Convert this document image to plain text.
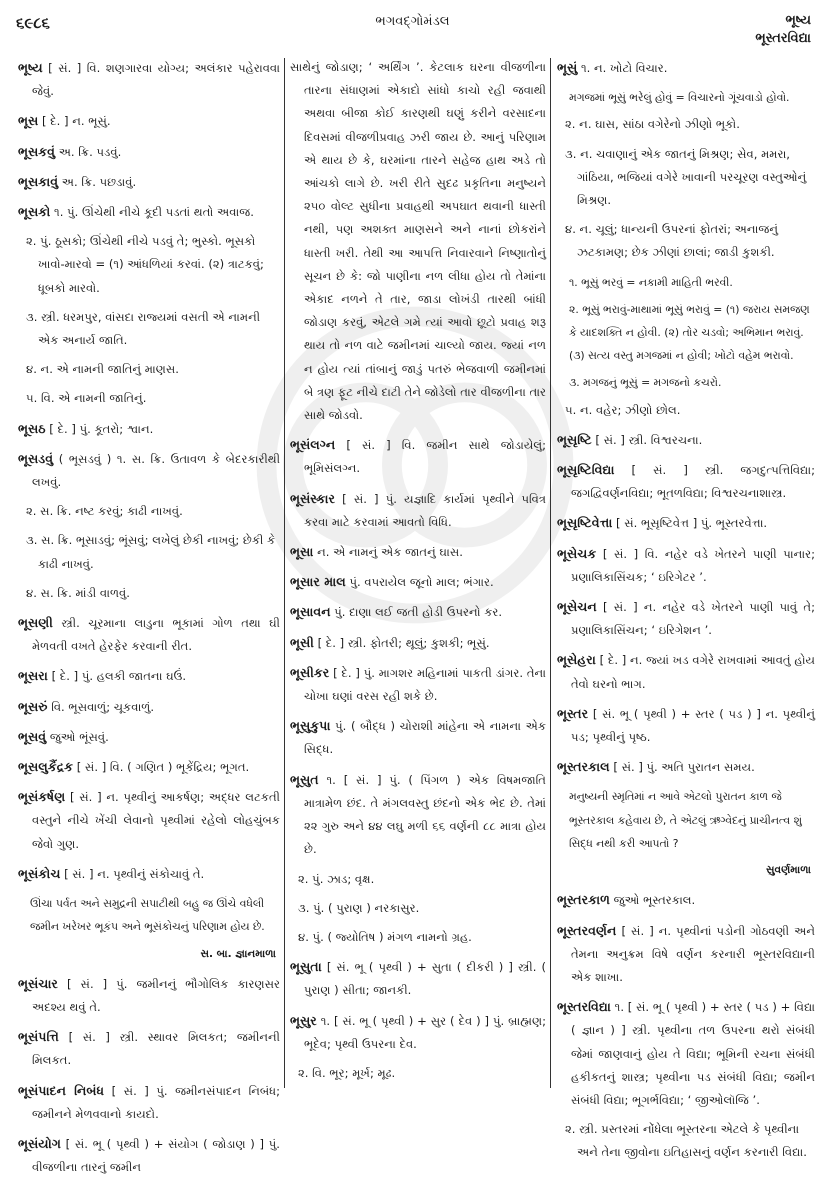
૬૯૮૬	ભગવદ્ગોમંડલ	ભૂષ્ય
ભૂસ્તરવિદ્યા
ભૂષ્ય [ સં. ] વિ. શણગારવા યોગ્ય; અલંકાર પહેરાવવા જેવું.
ભૂસ [ દે. ] ન. ભૂસું.
ભૂસકવું અ. ક્રિ. પડવું.
ભૂસકાવું અ. ક્રિ. પછડાવું.
ભૂસકો ૧. પું. ઊંચેથી નીચે કૂદી પડતાં થતો અવાજ.
૨. પું. ઠૂસકો; ઊંચેથી નીચે પડવું તે; ભુસ્કો. ભૂસકો ખાવો-મારવો = (૧) આંધળિયાં કરવાં. (૨) ત્રાટકવું; ધૂબકો મારવો.
૩. સ્ત્રી. ધરમપુર, વાંસદા રાજ્યમાં વસતી એ નામની એક અનાર્ય જાતિ.
૪. ન. એ નામની જાતિનું માણસ.
૫. વિ. એ નામની જાતિનું.
ભૂસઠ [ દે. ] પું. કૂતરો; શ્વાન.
ભૂસડવું ( ભૂસડવું ) ૧. સ. ક્રિ. ઉતાવળ કે બેદરકારીથી લખવું.
૨. સ. ક્રિ. નષ્ટ કરવું; કાઢી નાખવું.
૩. સ. ક્રિ. ભૂસાડવું; ભૂંસવું; લખેલું છેકી નાખવું; છેકી કે કાઢી નાખવું.
૪. સ. ક્રિ. માંડી વાળવું.
ભૂસણી સ્ત્રી. ચૂરમાના લાડુના ભૂકામાં ગોળ તથા ઘી મેળવતી વખતે હેરફેર કરવાની રીત.
ભૂસરા [ દે. ] પું. હલકી જાતના ઘઉં.
ભૂસરું વિ. ભૂસવાળું; ચૂકવાળું.
ભૂસવું જુઓ ભૂંસવું.
ભૂસલુકૈંદ્રક [ સં. ] વિ. ( ગણિત ) ભૂકેંદ્રિય; ભૂગત.
ભૂસંકર્ષણ [ સં. ] ન. પૃથ્વીનું આકર્ષણ; અદ્ધર લટકતી વસ્તુને નીચે ખેંચી લેવાનો પૃથ્વીમાં રહેલો લોહચુંબક જેવો ગુણ.
ભૂસંકોચ [ સં. ] ન. પૃથ્વીનું સંકોચાવું તે.
ઊંચા પર્વત અને સમુદ્રની સપાટીથી બહુ જ ઊંચે વધેલી જમીન ખરેખર ભૂકંપ અને ભૂસંકોચનું પરિણામ હોય છે.
સ. બા. જ્ઞાનમાળા
ભૂસંચાર [ સં. ] પું. જમીનનું ભૌગોલિક કારણસર અદશ્ય થવું તે.
ભૂસંપત્તિ [ સં. ] સ્ત્રી. સ્થાવર મિલકત; જમીનની મિલકત.
ભૂસંપાદન નિબંધ [ સં. ] પું. જમીનસંપાદન નિબંધ; જમીનને મેળવવાનો કાયદો.
ભૂસંયોગ [ સં. ભૂ ( પૃથ્વી ) + સંયોગ ( જોડાણ ) ] પું. વીજળીના તારનું જમીન
સાથેનું જોડાણ; ‘ અર્થિંગ ’. કેટલાક ઘરના વીજળીના તારના સંધાણમાં એકાદો સાંધો કાચો રહી જવાથી અથવા બીજા કોઈ કારણથી ઘણું કરીને વરસાદના દિવસમાં વીજળીપ્રવાહ ઝરી જાય છે. આનું પરિણામ એ થાય છે કે, ઘરમાંના તારને સહેજ હાથ અડે તો આંચકો લાગે છે. ખરી રીતે સુદઢ પ્રકૃતિના મનુષ્યને ૨૫૦ વોલ્ટ સુધીના પ્રવાહથી અપઘાત થવાની ધાસ્તી નથી, પણ અશક્ત માણસને અને નાનાં છોકરાંને ધાસ્તી ખરી. તેથી આ આપત્તિ નિવારવાને નિષ્ણાતોનું સૂચન છે કે: જો પાણીના નળ લીધા હોય તો તેમાંના એકાદ નળને તે તાર, જાડા લોખંડી તારથી બાંધી જોડાણ કરવું, એટલે ગમે ત્યાં આવો છૂટો પ્રવાહ શરૂ થાય તો નળ વાટે જમીનમાં ચાલ્યો જાય. જ્યાં નળ ન હોય ત્યાં તાંબાનું જાડું પતરું ભેજવાળી જમીનમાં બે ત્રણ ફૂટ નીચે દાટી તેને જોડેલો તાર વીજળીના તાર સાથે જોડવો.
ભૂસંલગ્ન [ સં. ] વિ. જમીન સાથે જોડાયેલું; ભૂમિસંલગ્ન.
ભૂસંસ્કાર [ સં. ] પું. યજ્ઞાદિ કાર્યમાં પૃથ્વીને પવિત્ર કરવા માટે કરવામાં આવતો વિધિ.
ભૂસા ન. એ નામનું એક જાતનું ઘાસ.
ભૂસાર માલ પું. વપરાયેલ જૂનો માલ; ભંગાર.
ભૂસાવન પું. દાણા લઈ જતી હોડી ઉપરનો કર.
ભૂસી [ દે. ] સ્ત્રી. ફોતરી; થૂલું; કુશકી; ભૂસું.
ભૂસીકર [ દે. ] પું. માગશર મહિનામાં પાકતી ડાંગર. તેના ચોખા ઘણાં વરસ રહી શકે છે.
ભૂસુકુપા પું. ( બૌદ્ધ ) ચોરાશી માંહેના એ નામના એક સિદ્ધ.
ભૂસુત ૧. [ સં. ] પું. ( પિંગળ ) એક વિષમજાતિ માત્રામેળ છંદ. તે મંગલવસ્તુ છંદનો એક ભેદ છે. તેમાં ૨૨ ગુરુ અને ૪૪ લઘુ મળી ૬૬ વર્ણની ૮૮ માત્રા હોય છે.
૨. પું. ઝાડ; વૃક્ષ.
૩. પું. ( પુરાણ ) નરકાસુર.
૪. પું. ( જ્યોતિષ ) મંગળ નામનો ગ્રહ.
ભૂસુતા [ સં. ભૂ ( પૃથ્વી ) + સુતા ( દીકરી ) ] સ્ત્રી. ( પુરાણ ) સીતા; જાનકી.
ભૂસુર ૧. [ સં. ભૂ ( પૃથ્વી ) + સુર ( દેવ ) ] પું. બ્રાહ્મણ; ભૂદેવ; પૃથ્વી ઉપરના દેવ.
૨. વિ. ભૂર; મૂર્ખ; મૂઢ.
ભૂસું ૧. ન. ખોટો વિચાર.
મગજમાં ભૂસું ભરેલું હોવું = વિચારનો ગૂંચવાડો હોવો.
૨. ન. ઘાસ, સાંઠા વગેરેનો ઝીણો ભૂકો.
૩. ન. ચવાણાનું એક જાતનું મિશ્રણ; સેવ, મમરા, ગાંઠિયા, ભજિયાં વગેરે ખાવાની પરચૂરણ વસ્તુઓનું મિશ્રણ.
૪. ન. ચૂલું; ધાન્યની ઉપરનાં ફોતરાં; અનાજનું ઝટકામણ; છેક ઝીણાં છાલાં; જાડી કુશકી.
૧. ભૂસું ભરવું = નકામી માહિતી ભરવી.
૨. ભૂસું ભરાવું-માથામાં ભૂસું ભરાવું = (૧) જરાય સમજણ કે યાદશક્તિ ન હોવી. (૨) તોર ચડવો; અભિમાન ભરાવું. (૩) સત્ય વસ્તુ મગજમાં ન હોવી; ખોટો વહેમ ભરાવો.
૩. મગજનું ભૂસું = મગજનો કચરો.
૫. ન. વહેર; ઝીણો છોલ.
ભૂસૃષ્ટિ [ સં. ] સ્ત્રી. વિશ્વરચના.
ભૂસૃષ્ટિવિદ્યા [ સં. ] સ્ત્રી. જગદુત્પત્તિવિદ્યા; જગદ્વિવર્ણનવિદ્યા; ભૂતળવિદ્યા; વિશ્વરચનાશાસ્ત્ર.
ભૂસૃષ્ટિવેત્તા [ સં. ભૂસૃષ્ટિવેત્ત ] પું. ભૂસ્તરવેત્તા.
ભૂસેચક [ સં. ] વિ. નહેર વડે ખેતરને પાણી પાનાર; પ્રણાલિકાસિંચક; ‘ ઇરિગેટર ’.
ભૂસેચન [ સં. ] ન. નહેર વડે ખેતરને પાણી પાવું તે; પ્રણાલિકાસિંચન; ‘ ઇરિગેશન ’.
ભૂસેહરા [ દે. ] ન. જ્યાં ખડ વગેરે રાખવામાં આવતું હોય તેવો ઘરનો ભાગ.
ભૂસ્તર [ સં. ભૂ ( પૃથ્વી ) + સ્તર ( પડ ) ] ન. પૃથ્વીનું પડ; પૃથ્વીનું પૃષ્ઠ.
ભૂસ્તરકાલ [ સં. ] પું. અતિ પુરાતન સમય.
મનુષ્યની સ્મૃતિમાં ન આવે એટલો પુરાતન કાળ જે ભૂસ્તરકાલ કહેવાય છે, તે એટલું ઋગ્વેદનું પ્રાચીનત્વ શું સિદ્ધ નથી કરી આપતો ?
સુવર્ણમાળા
ભૂસ્તરકાળ જુઓ ભૂસ્તરકાલ.
ભૂસ્તરવર્ણન [ સં. ] ન. પૃથ્વીનાં પડોની ગોઠવણી અને તેમના અનુક્રમ વિષે વર્ણન કરનારી ભૂસ્તરવિદ્યાની એક શાખા.
ભૂસ્તરવિદ્યા ૧. [ સં. ભૂ ( પૃથ્વી ) + સ્તર ( પડ ) + વિદ્યા ( જ્ઞાન ) ] સ્ત્રી. પૃથ્વીના તળ ઉપરના થરો સંબંધી જેમાં જાણવાનું હોય તે વિદ્યા; ભૂમિની રચના સંબંધી હકીકતનું શાસ્ત્ર; પૃથ્વીના પડ સંબંધી વિદ્યા; જમીન સંબંધી વિદ્યા; ભૂગર્ભવિદ્યા; ‘ જીઓલૉજિ ’.
૨. સ્ત્રી. પ્રસ્તરમાં નોંધેલા ભૂસ્તરના એટલે કે પૃથ્વીના અને તેના જીવોના ઇતિહાસનું વર્ણન કરનારી વિદ્યા.
